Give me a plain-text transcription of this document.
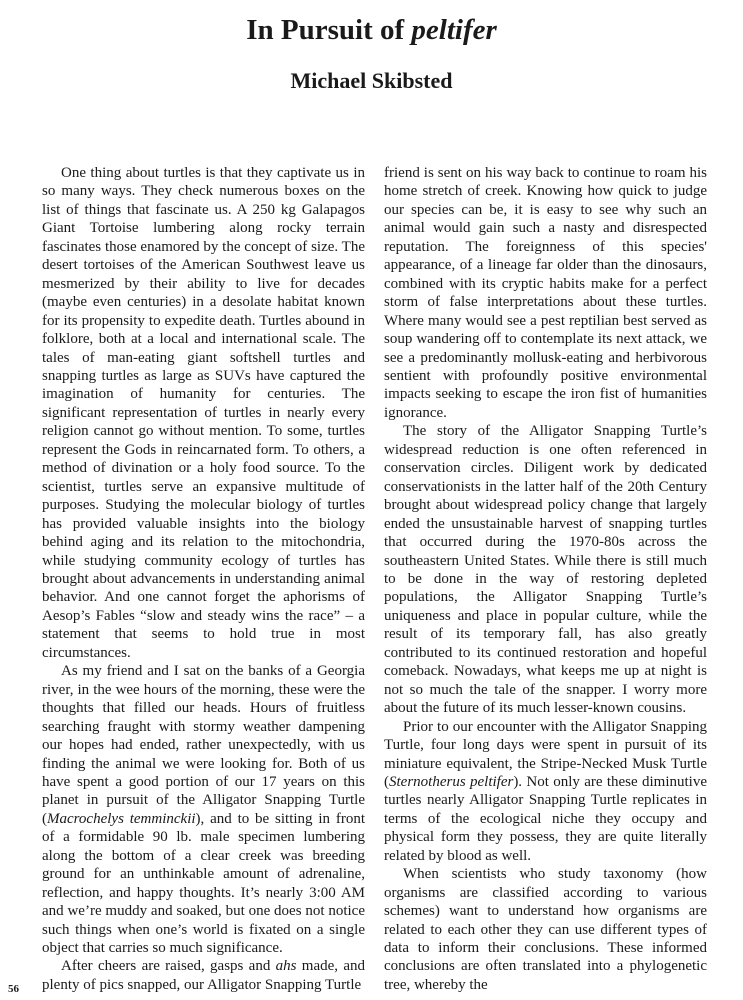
In Pursuit of peltifer
Michael Skibsted

One thing about turtles is that they captivate us in so many ways. They check numerous boxes on the list of things that fascinate us. A 250 kg Galapagos Giant Tortoise lumbering along rocky terrain fascinates those enamored by the concept of size. The desert tortoises of the American Southwest leave us mesmerized by their ability to live for decades (maybe even centuries) in a desolate habitat known for its propensity to expedite death. Turtles abound in folklore, both at a local and international scale. The tales of man-eating giant softshell turtles and snapping turtles as large as SUVs have captured the imagination of humanity for centuries. The significant representation of turtles in nearly every religion cannot go without mention. To some, turtles represent the Gods in reincarnated form. To others, a method of divination or a holy food source. To the scientist, turtles serve an expansive multitude of purposes. Studying the molecular biology of turtles has provided valuable insights into the biology behind aging and its relation to the mitochondria, while studying community ecology of turtles has brought about advancements in understanding animal behavior. And one cannot forget the aphorisms of Aesop’s Fables “slow and steady wins the race” – a statement that seems to hold true in most circumstances.

As my friend and I sat on the banks of a Georgia river, in the wee hours of the morning, these were the thoughts that filled our heads. Hours of fruitless searching fraught with stormy weather dampening our hopes had ended, rather unexpectedly, with us finding the animal we were looking for. Both of us have spent a good portion of our 17 years on this planet in pursuit of the Alligator Snapping Turtle (Macrochelys temminckii), and to be sitting in front of a formidable 90 lb. male specimen lumbering along the bottom of a clear creek was breeding ground for an unthinkable amount of adrenaline, reflection, and happy thoughts. It’s nearly 3:00 AM and we’re muddy and soaked, but one does not notice such things when one’s world is fixated on a single object that carries so much significance.

After cheers are raised, gasps and ahs made, and plenty of pics snapped, our Alligator Snapping Turtle

friend is sent on his way back to continue to roam his home stretch of creek. Knowing how quick to judge our species can be, it is easy to see why such an animal would gain such a nasty and disrespected reputation. The foreignness of this species' appearance, of a lineage far older than the dinosaurs, combined with its cryptic habits make for a perfect storm of false interpretations about these turtles. Where many would see a pest reptilian best served as soup wandering off to contemplate its next attack, we see a predominantly mollusk-eating and herbivorous sentient with profoundly positive environmental impacts seeking to escape the iron fist of humanities ignorance.

The story of the Alligator Snapping Turtle’s widespread reduction is one often referenced in conservation circles. Diligent work by dedicated conservationists in the latter half of the 20th Century brought about widespread policy change that largely ended the unsustainable harvest of snapping turtles that occurred during the 1970-80s across the southeastern United States. While there is still much to be done in the way of restoring depleted populations, the Alligator Snapping Turtle’s uniqueness and place in popular culture, while the result of its temporary fall, has also greatly contributed to its continued restoration and hopeful comeback. Nowadays, what keeps me up at night is not so much the tale of the snapper. I worry more about the future of its much lesser-known cousins.

Prior to our encounter with the Alligator Snapping Turtle, four long days were spent in pursuit of its miniature equivalent, the Stripe-Necked Musk Turtle (Sternotherus peltifer). Not only are these diminutive turtles nearly Alligator Snapping Turtle replicates in terms of the ecological niche they occupy and physical form they possess, they are quite literally related by blood as well.

When scientists who study taxonomy (how organisms are classified according to various schemes) want to understand how organisms are related to each other they can use different types of data to inform their conclusions. These informed conclusions are often translated into a phylogenetic tree, whereby the

56
